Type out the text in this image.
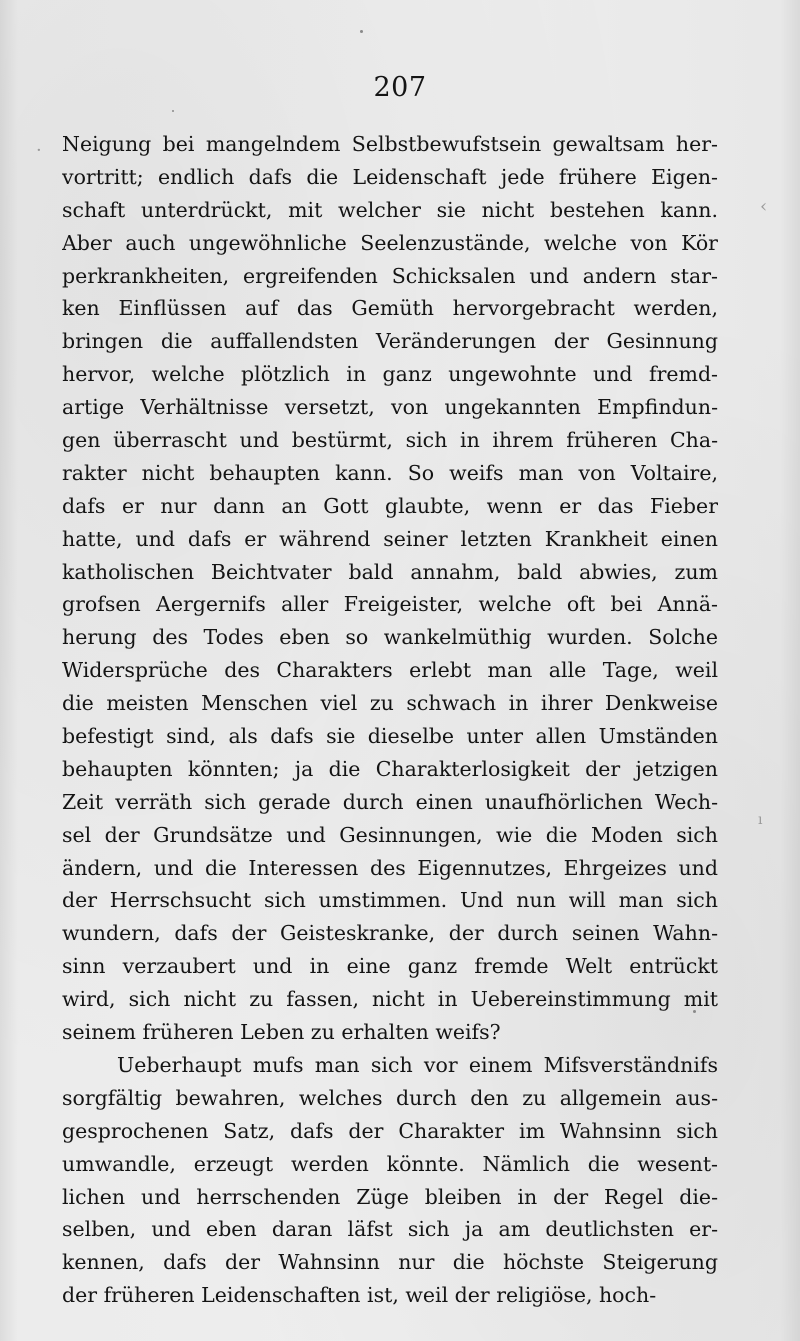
207
·
‹
ı
Neigung bei mangelndem Selbstbewufstsein gewaltsam her-
vortritt; endlich dafs die Leidenschaft jede frühere Eigen-
schaft unterdrückt, mit welcher sie nicht bestehen kann.
Aber auch ungewöhnliche Seelenzustände, welche von Kör
perkrankheiten, ergreifenden Schicksalen und andern star-
ken Einflüssen auf das Gemüth hervorgebracht werden,
bringen die auffallendsten Veränderungen der Gesinnung
hervor, welche plötzlich in ganz ungewohnte und fremd-
artige Verhältnisse versetzt, von ungekannten Empfindun-
gen überrascht und bestürmt, sich in ihrem früheren Cha-
rakter nicht behaupten kann. So weifs man von Voltaire,
dafs er nur dann an Gott glaubte, wenn er das Fieber
hatte, und dafs er während seiner letzten Krankheit einen
katholischen Beichtvater bald annahm, bald abwies, zum
grofsen Aergernifs aller Freigeister, welche oft bei Annä-
herung des Todes eben so wankelmüthig wurden. Solche
Widersprüche des Charakters erlebt man alle Tage, weil
die meisten Menschen viel zu schwach in ihrer Denkweise
befestigt sind, als dafs sie dieselbe unter allen Umständen
behaupten könnten; ja die Charakterlosigkeit der jetzigen
Zeit verräth sich gerade durch einen unaufhörlichen Wech-
sel der Grundsätze und Gesinnungen, wie die Moden sich
ändern, und die Interessen des Eigennutzes, Ehrgeizes und
der Herrschsucht sich umstimmen. Und nun will man sich
wundern, dafs der Geisteskranke, der durch seinen Wahn-
sinn verzaubert und in eine ganz fremde Welt entrückt
wird, sich nicht zu fassen, nicht in Uebereinstimmung mit
seinem früheren Leben zu erhalten weifs?
Ueberhaupt mufs man sich vor einem Mifsverständnifs
sorgfältig bewahren, welches durch den zu allgemein aus-
gesprochenen Satz, dafs der Charakter im Wahnsinn sich
umwandle, erzeugt werden könnte. Nämlich die wesent-
lichen und herrschenden Züge bleiben in der Regel die-
selben, und eben daran läfst sich ja am deutlichsten er-
kennen, dafs der Wahnsinn nur die höchste Steigerung
der früheren Leidenschaften ist, weil der religiöse, hoch-
